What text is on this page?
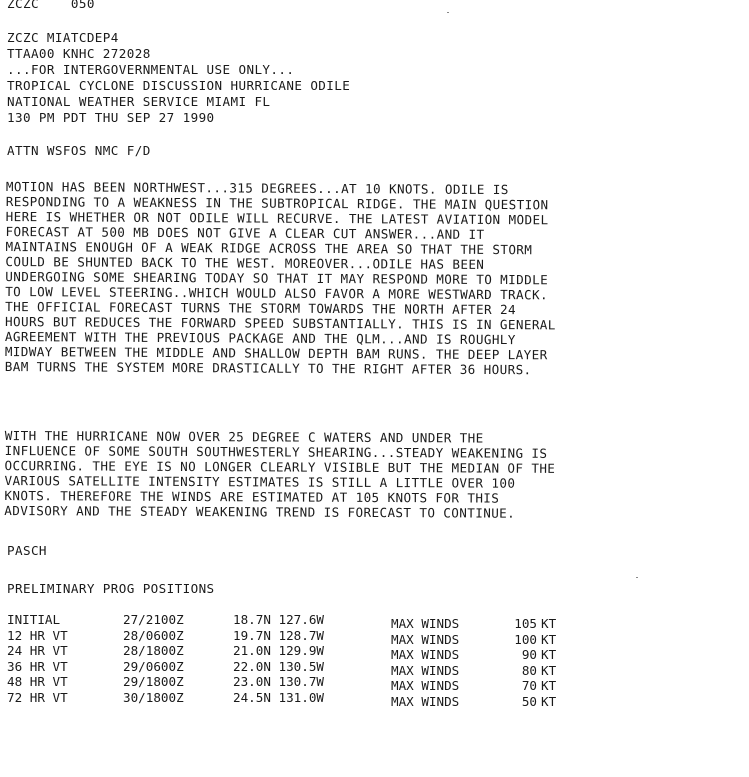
ZCZC    050
ZCZC MIATCDEP4
TTAA00 KNHC 272028
...FOR INTERGOVERNMENTAL USE ONLY...
TROPICAL CYCLONE DISCUSSION HURRICANE ODILE
NATIONAL WEATHER SERVICE MIAMI FL
130 PM PDT THU SEP 27 1990
ATTN WSFOS NMC F/D
MOTION HAS BEEN NORTHWEST...315 DEGREES...AT 10 KNOTS. ODILE IS
RESPONDING TO A WEAKNESS IN THE SUBTROPICAL RIDGE. THE MAIN QUESTION
HERE IS WHETHER OR NOT ODILE WILL RECURVE. THE LATEST AVIATION MODEL
FORECAST AT 500 MB DOES NOT GIVE A CLEAR CUT ANSWER...AND IT
MAINTAINS ENOUGH OF A WEAK RIDGE ACROSS THE AREA SO THAT THE STORM
COULD BE SHUNTED BACK TO THE WEST. MOREOVER...ODILE HAS BEEN
UNDERGOING SOME SHEARING TODAY SO THAT IT MAY RESPOND MORE TO MIDDLE
TO LOW LEVEL STEERING..WHICH WOULD ALSO FAVOR A MORE WESTWARD TRACK.
THE OFFICIAL FORECAST TURNS THE STORM TOWARDS THE NORTH AFTER 24
HOURS BUT REDUCES THE FORWARD SPEED SUBSTANTIALLY. THIS IS IN GENERAL
AGREEMENT WITH THE PREVIOUS PACKAGE AND THE QLM...AND IS ROUGHLY
MIDWAY BETWEEN THE MIDDLE AND SHALLOW DEPTH BAM RUNS. THE DEEP LAYER
BAM TURNS THE SYSTEM MORE DRASTICALLY TO THE RIGHT AFTER 36 HOURS.
WITH THE HURRICANE NOW OVER 25 DEGREE C WATERS AND UNDER THE
INFLUENCE OF SOME SOUTH SOUTHWESTERLY SHEARING...STEADY WEAKENING IS
OCCURRING. THE EYE IS NO LONGER CLEARLY VISIBLE BUT THE MEDIAN OF THE
VARIOUS SATELLITE INTENSITY ESTIMATES IS STILL A LITTLE OVER 100
KNOTS. THEREFORE THE WINDS ARE ESTIMATED AT 105 KNOTS FOR THIS
ADVISORY AND THE STEADY WEAKENING TREND IS FORECAST TO CONTINUE.
PASCH
PRELIMINARY PROG POSITIONS
INITIAL	27/2100Z	18.7N 127.6W	MAX WINDS	105 KT
12 HR VT	28/0600Z	19.7N 128.7W	MAX WINDS	100 KT
24 HR VT	28/1800Z	21.0N 129.9W	MAX WINDS	90 KT
36 HR VT	29/0600Z	22.0N 130.5W	MAX WINDS	80 KT
48 HR VT	29/1800Z	23.0N 130.7W	MAX WINDS	70 KT
72 HR VT	30/1800Z	24.5N 131.0W	MAX WINDS	50 KT
